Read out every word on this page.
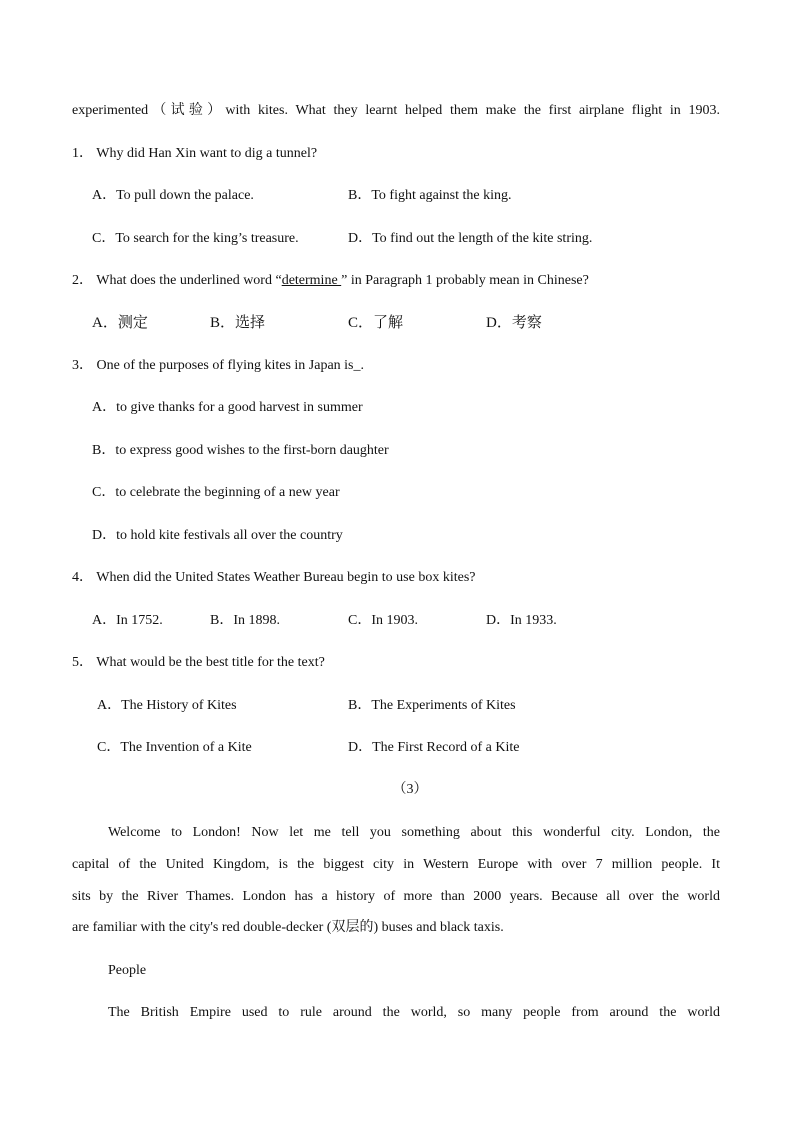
experimented（试验）with kites. What they learnt helped them make the first airplane flight in 1903.
1． Why did Han Xin want to dig a tunnel?
A．To pull down the palace.	B．To fight against the king.
C．To search for the king’s treasure.	D．To find out the length of the kite string.
2． What does the underlined word “determine ” in Paragraph 1 probably mean in Chinese?
A．测定	B．选择	C．了解	D．考察
3． One of the purposes of flying kites in Japan is_.
A．to give thanks for a good harvest in summer
B．to express good wishes to the first-born daughter
C．to celebrate the beginning of a new year
D．to hold kite festivals all over the country
4． When did the United States Weather Bureau begin to use box kites?
A．In 1752.	B．In 1898.	C．In 1903.	D．In 1933.
5． What would be the best title for the text?
A．The History of Kites	B．The Experiments of Kites
C．The Invention of a Kite	D．The First Record of a Kite
（3）
Welcome to London! Now let me tell you something about this wonderful city. London, the
capital of the United Kingdom, is the biggest city in Western Europe with over 7 million people. It
sits by the River Thames. London has a history of more than 2000 years. Because all over the world
are familiar with the city's red double-decker (双层的) buses and black taxis.
People
The British Empire used to rule around the world, so many people from around the world
